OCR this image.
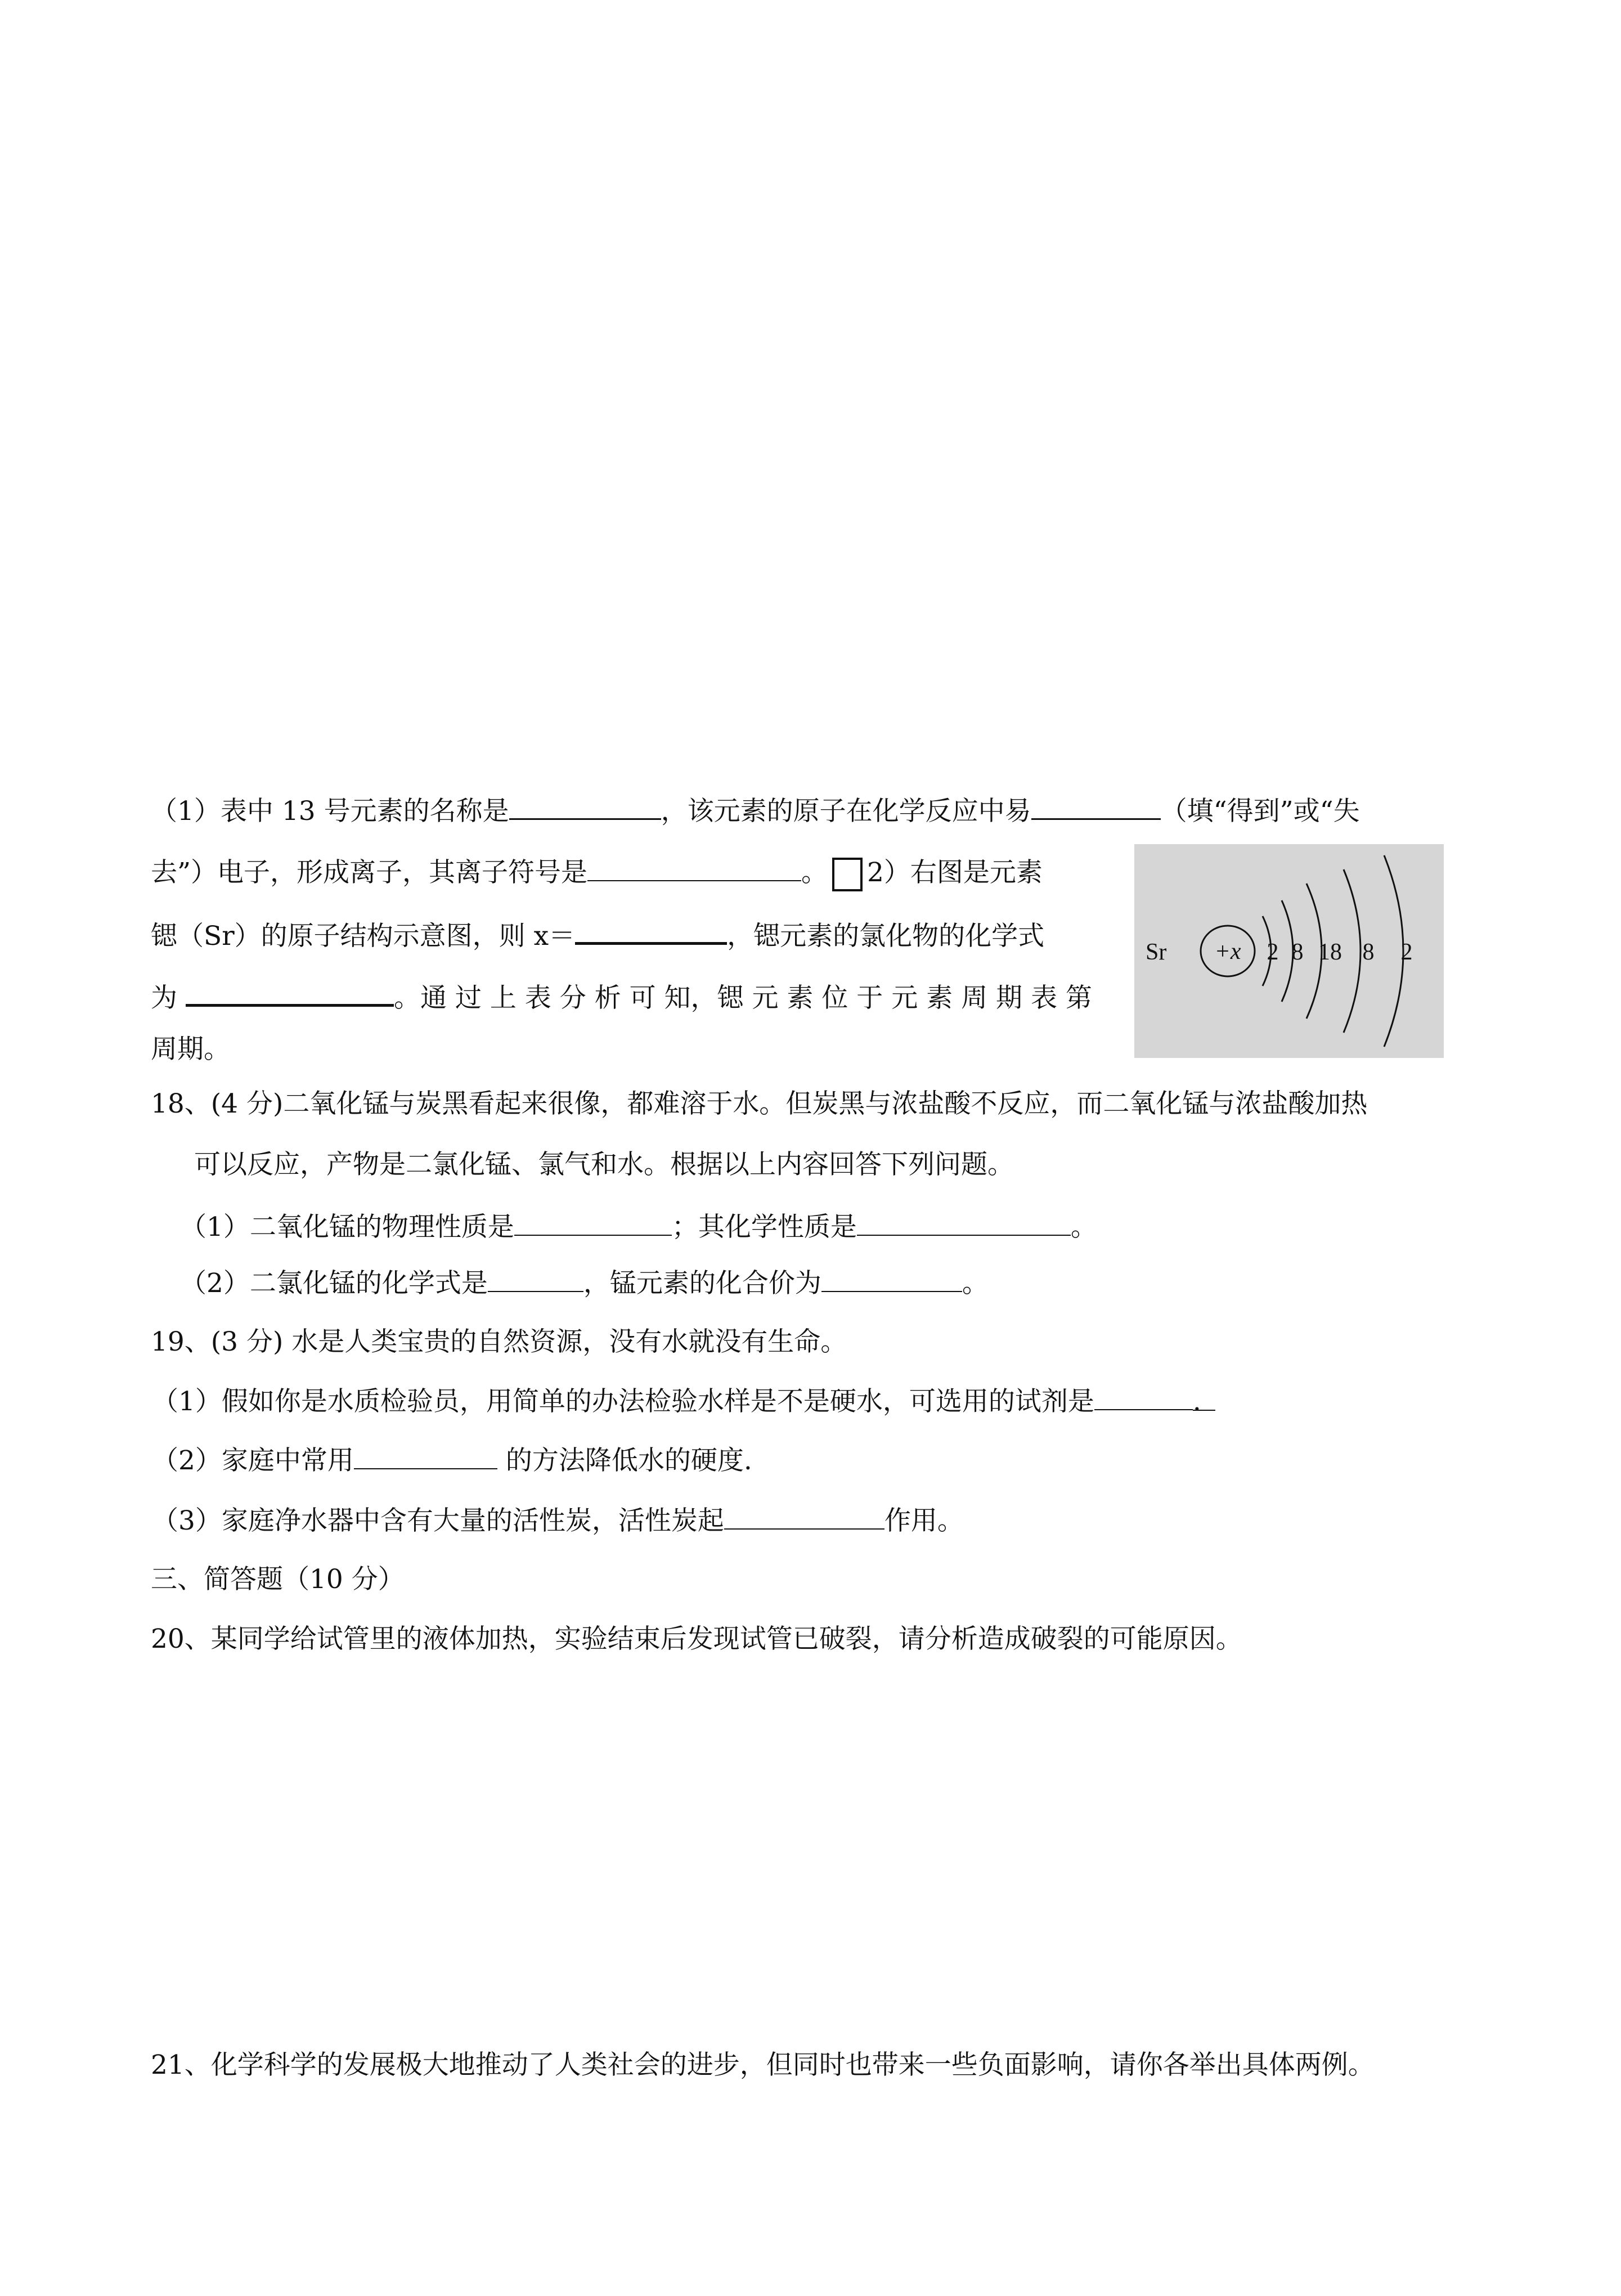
（1）表中 13 号元素的名称是	，该元素的原子在化学反应中易	（填“得到”或“失
去”）电子，形成离子，其离子符号是	。 2）右图是元素
锶（Sr）的原子结构示意图，则 x＝	，锶元素的氯化物的化学式
为	。通 过 上 表 分 析 可 知，锶 元 素 位 于 元 素 周 期 表 第
周期。
Sr +x 2 8 18 8 2
18、(4 分)二氧化锰与炭黑看起来很像，都难溶于水。但炭黑与浓盐酸不反应，而二氧化锰与浓盐酸加热
可以反应，产物是二氯化锰、氯气和水。根据以上内容回答下列问题。
（1）二氧化锰的物理性质是	；其化学性质是	。
（2）二氯化锰的化学式是	，锰元素的化合价为	。
19、(3 分) 水是人类宝贵的自然资源，没有水就没有生命。
（1）假如你是水质检验员，用简单的办法检验水样是不是硬水，可选用的试剂是	.
（2）家庭中常用	的方法降低水的硬度.
（3）家庭净水器中含有大量的活性炭，活性炭起	作用。
三、简答题（10 分）
20、某同学给试管里的液体加热，实验结束后发现试管已破裂，请分析造成破裂的可能原因。
21、化学科学的发展极大地推动了人类社会的进步，但同时也带来一些负面影响，请你各举出具体两例。
